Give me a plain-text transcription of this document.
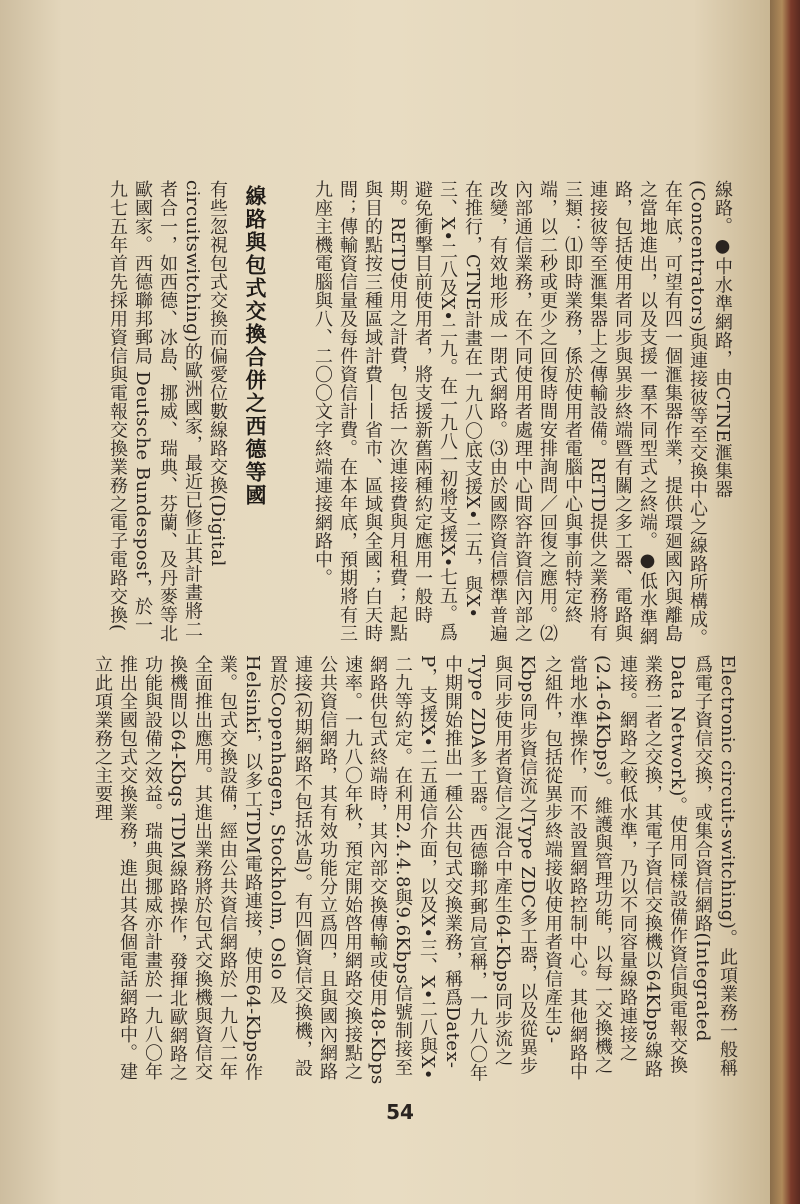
線路。●中水準網路，由CTNE滙集器(Concentrators)與連接彼等至交換中心之線路所構成。在年底，可望有四一個滙集器作業，提供環廻國內與離島之當地進出，以及支援一羣不同型式之終端。●低水準網路，包括使用者同步與異步終端暨有關之多工器、電路與連接彼等至滙集器上之傳輸設備。RETD提供之業務將有三類：⑴即時業務，係於使用者電腦中心與事前特定終端，以二秒或更少之回復時間安排詢問／回復之應用。⑵內部通信業務，在不同使用者處理中心間容許資信內部之改變，有效地形成一閉式網路。⑶由於國際資信標準普遍在推行，CTNE計畫在一九八〇底支援X•二五，與X•三、X•二八及X•二九。在一九八一初將支援X•七五。爲避免衝擊目前使用者，將支援新舊兩種約定應用一般時期。RETD使用之計費，包括一次連接費與月租費；起點與目的點按三種區域計費——省市、區域與全國；白天時間；傳輸資信量及每件資信計費。在本年底，預期將有三九座主機電腦與八、二〇〇文字終端連接網路中。

線路與包式交換合併之西德等國

有些忽視包式交換而偏愛位數線路交換(Digital circuitswitching)的歐洲國家，最近已修正其計畫將二者合一，如西德、冰島、挪威、瑞典、芬蘭、及丹麥等北歐國家。西德聯邦郵局 Deutsche Bundespost，於一九七五年首先採用資信與電報交換業務之電子電路交換(

Electronic circuit-switching)。此項業務一般稱爲電子資信交換，或集合資信網路(Integrated Data Network)。使用同樣設備作資信與電報交換業務二者之交換，其電子資信交換機以64Kbps線路連接。網路之較低水準，乃以不同容量線路連接之(2.4-64Kbps)。維護與管理功能，以每一交換機之當地水準操作，而不設置網路控制中心。其他網路中之組件，包括從異步終端接收使用者資信產生3-Kbps同步資信流之Type ZDC多工器，以及從異步與同步使用者資信之混合中產生64-Kbps同步流之Type ZDA多工器。西德聯邦郵局宣稱，一九八〇年中期開始推出一種公共包式交換業務，稱爲Datex-P，支援X•二五通信介面，以及X•三、X•二八與X•二九等約定。在利用2.4.4.8與9.6Kbps信號制接至網路供包式終端時，其內部交換傳輸或使用48-Kbps速率。一九八〇年秋，預定開始啓用網路交換接點之公共資信網路，其有效功能分立爲四，且與國內網路連接(初期網路不包括冰島)。有四個資信交換機，設置於Copenhagen, Stockholm, Oslo 及 Helsinki，以多工TDM電路連接，使用64-Kbps作業。包式交換設備，經由公共資信網路於一九八二年全面推出應用。其進出業務將於包式交換機與資信交換機間以64-Kbqs TDM線路操作，發揮北歐網路之功能與設備之效益。瑞典與挪威亦計畫於一九八〇年推出全國包式交換業務，進出其各個電話網路中。建立此項業務之主要理

54
